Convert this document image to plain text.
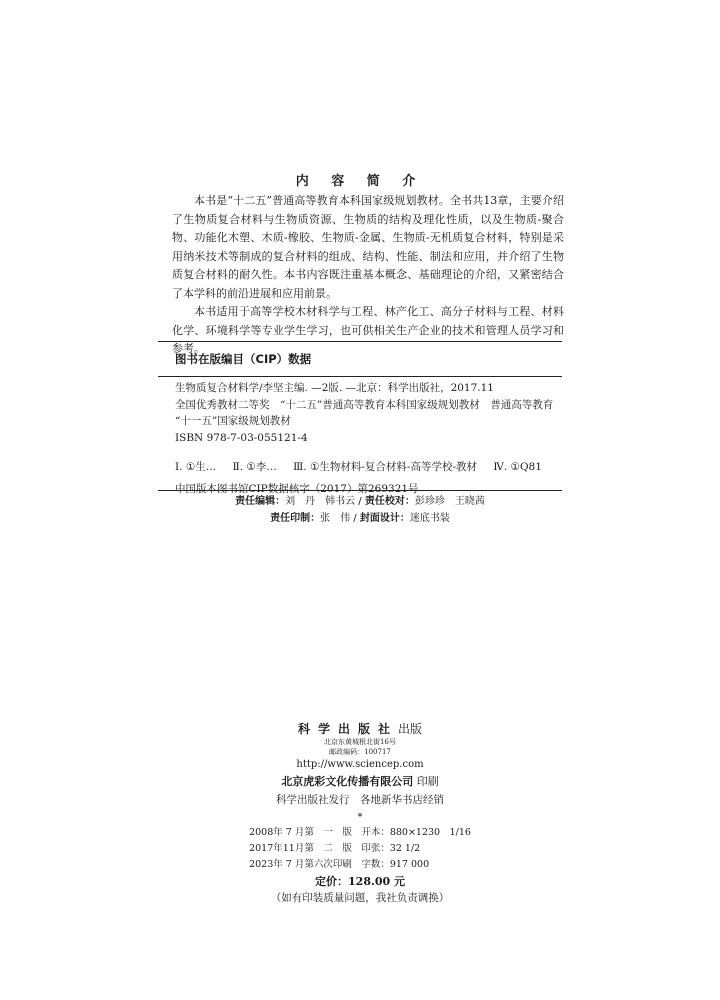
内 容 简 介

本书是“十二五”普通高等教育本科国家级规划教材。全书共13章，主要介绍了生物质复合材料与生物质资源、生物质的结构及理化性质，以及生物质-聚合物、功能化木塑、木质-橡胶、生物质-金属、生物质-无机质复合材料，特别是采用纳米技术等制成的复合材料的组成、结构、性能、制法和应用，并介绍了生物质复合材料的耐久性。本书内容既注重基本概念、基础理论的介绍，又紧密结合了本学科的前沿进展和应用前景。

本书适用于高等学校木材科学与工程、林产化工、高分子材料与工程、材料化学、环境科学等专业学生学习，也可供相关生产企业的技术和管理人员学习和参考。

图书在版编目（CIP）数据
生物质复合材料学/李坚主编. —2版. —北京：科学出版社，2017.11
全国优秀教材二等奖　“十二五”普通高等教育本科国家级规划教材　普通高等教育
“十一五”国家级规划教材
ISBN 978-7-03-055121-4
Ⅰ. ①生… Ⅱ. ①李… Ⅲ. ①生物材料-复合材料-高等学校-教材 Ⅳ. ①Q81
中国版本图书馆CIP数据核字（2017）第269321号
责任编辑：刘　丹　韩书云 / 责任校对：彭珍珍　王晓茜
责任印制：张　伟 / 封面设计：迷底书装
科学出版社出版
北京东黄城根北街16号
邮政编码：100717
http://www.sciencep.com
北京虎彩文化传播有限公司 印刷
科学出版社发行　各地新华书店经销
*
2008年 7 月第　一　版　开本：880×1230　1/16
2017年11月第　二　版　印张：32 1/2
2023年 7 月第六次印刷　字数：917 000
定价：128.00 元
（如有印装质量问题，我社负责调换）
